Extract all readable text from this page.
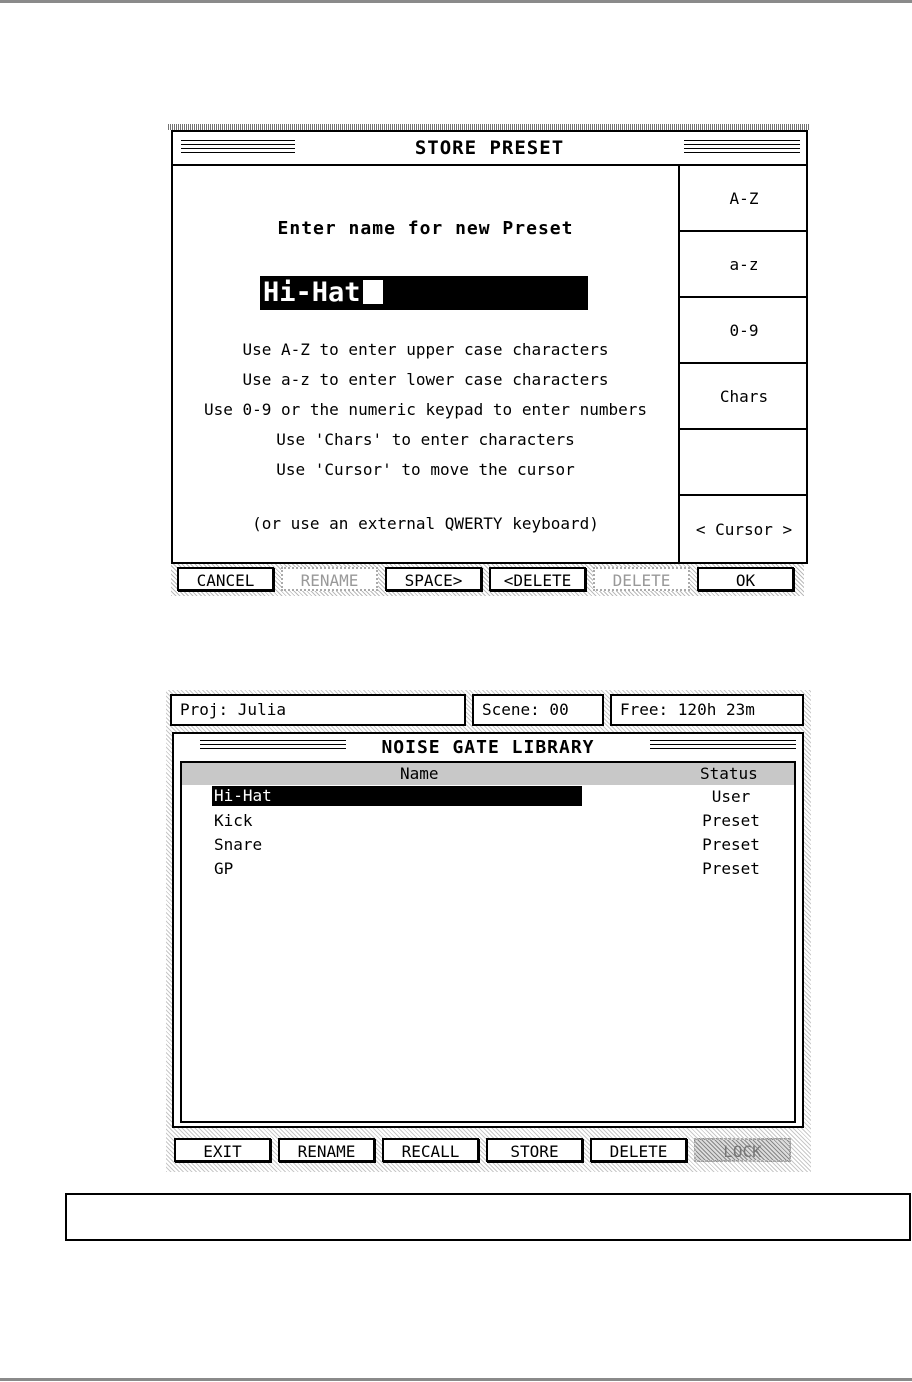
STORE PRESET
Enter name for new Preset
Hi-Hat
Use A-Z to enter upper case characters
Use a-z to enter lower case characters
Use 0-9 or the numeric keypad to enter numbers
Use 'Chars' to enter characters
Use 'Cursor' to move the cursor
(or use an external QWERTY keyboard)
A-Z
a-z
0-9
Chars
< Cursor >
CANCEL	RENAME	SPACE>	<DELETE	DELETE	OK
Proj: Julia	Scene: 00	Free: 120h 23m
NOISE GATE LIBRARY
Name	Status
Hi-Hat	User
Kick	Preset
Snare	Preset
GP	Preset
EXIT	RENAME	RECALL	STORE	DELETE	LOCK
